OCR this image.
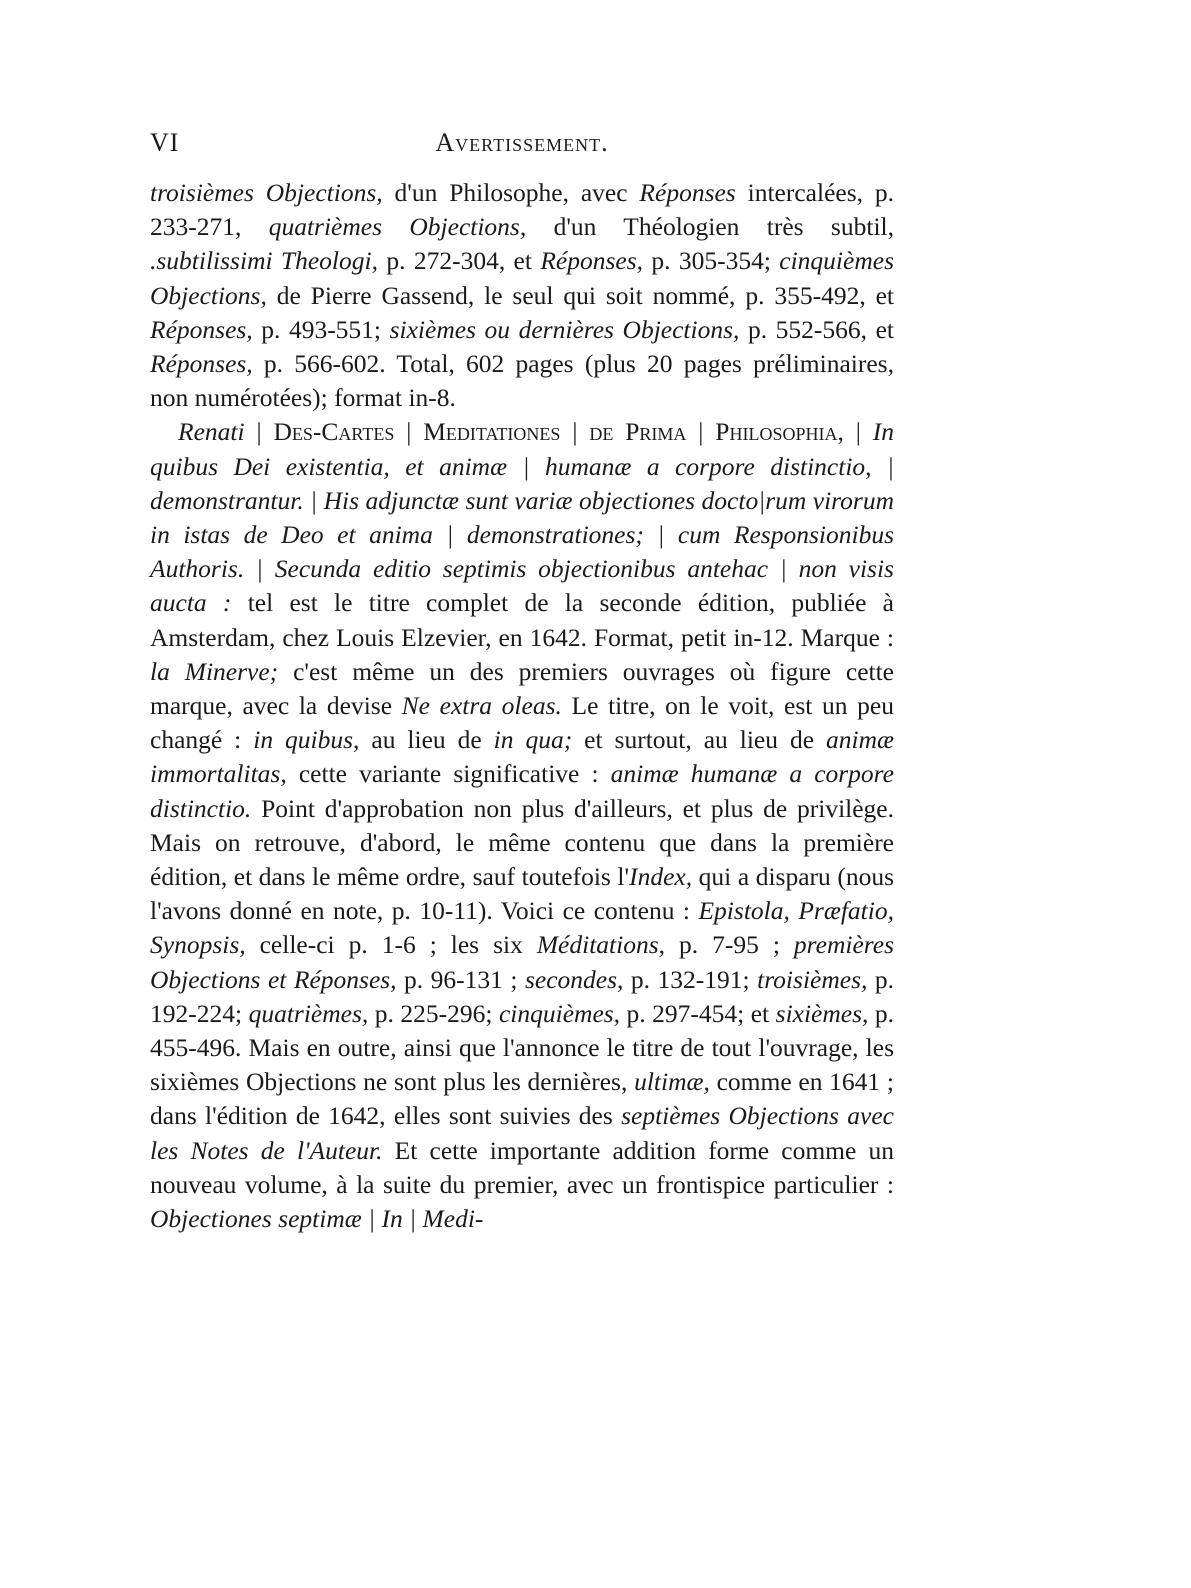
VI	Avertissement.

troisièmes Objections, d'un Philosophe, avec Réponses intercalées, p. 233-271, quatrièmes Objections, d'un Théologien très subtil, .subtilissimi Theologi, p. 272-304, et Réponses, p. 305-354; cinquièmes Objections, de Pierre Gassend, le seul qui soit nommé, p. 355-492, et Réponses, p. 493-551; sixièmes ou dernières Objections, p. 552-566, et Réponses, p. 566-602. Total, 602 pages (plus 20 pages préliminaires, non numérotées); format in-8.

Renati | Des-Cartes | Meditationes | de Prima | Philosophia, | In quibus Dei existentia, et animæ | humanæ a corpore distinctio, | demonstrantur. | His adjunctæ sunt variæ objectiones docto|rum virorum in istas de Deo et anima | demonstrationes; | cum Responsionibus Authoris. | Secunda editio septimis objectionibus antehac | non visis aucta : tel est le titre complet de la seconde édition, publiée à Amsterdam, chez Louis Elzevier, en 1642. Format, petit in-12. Marque : la Minerve; c'est même un des premiers ouvrages où figure cette marque, avec la devise Ne extra oleas. Le titre, on le voit, est un peu changé : in quibus, au lieu de in qua; et surtout, au lieu de animæ immortalitas, cette variante significative : animæ humanæ a corpore distinctio. Point d'approbation non plus d'ailleurs, et plus de privilège. Mais on retrouve, d'abord, le même contenu que dans la première édition, et dans le même ordre, sauf toutefois l'Index, qui a disparu (nous l'avons donné en note, p. 10-11). Voici ce contenu : Epistola, Præfatio, Synopsis, celle-ci p. 1-6 ; les six Méditations, p. 7-95 ; premières Objections et Réponses, p. 96-131 ; secondes, p. 132-191; troisièmes, p. 192-224; quatrièmes, p. 225-296; cinquièmes, p. 297-454; et sixièmes, p. 455-496. Mais en outre, ainsi que l'annonce le titre de tout l'ouvrage, les sixièmes Objections ne sont plus les dernières, ultimæ, comme en 1641 ; dans l'édition de 1642, elles sont suivies des septièmes Objections avec les Notes de l'Auteur. Et cette importante addition forme comme un nouveau volume, à la suite du premier, avec un frontispice particulier : Objectiones septimæ | In | Medi-
